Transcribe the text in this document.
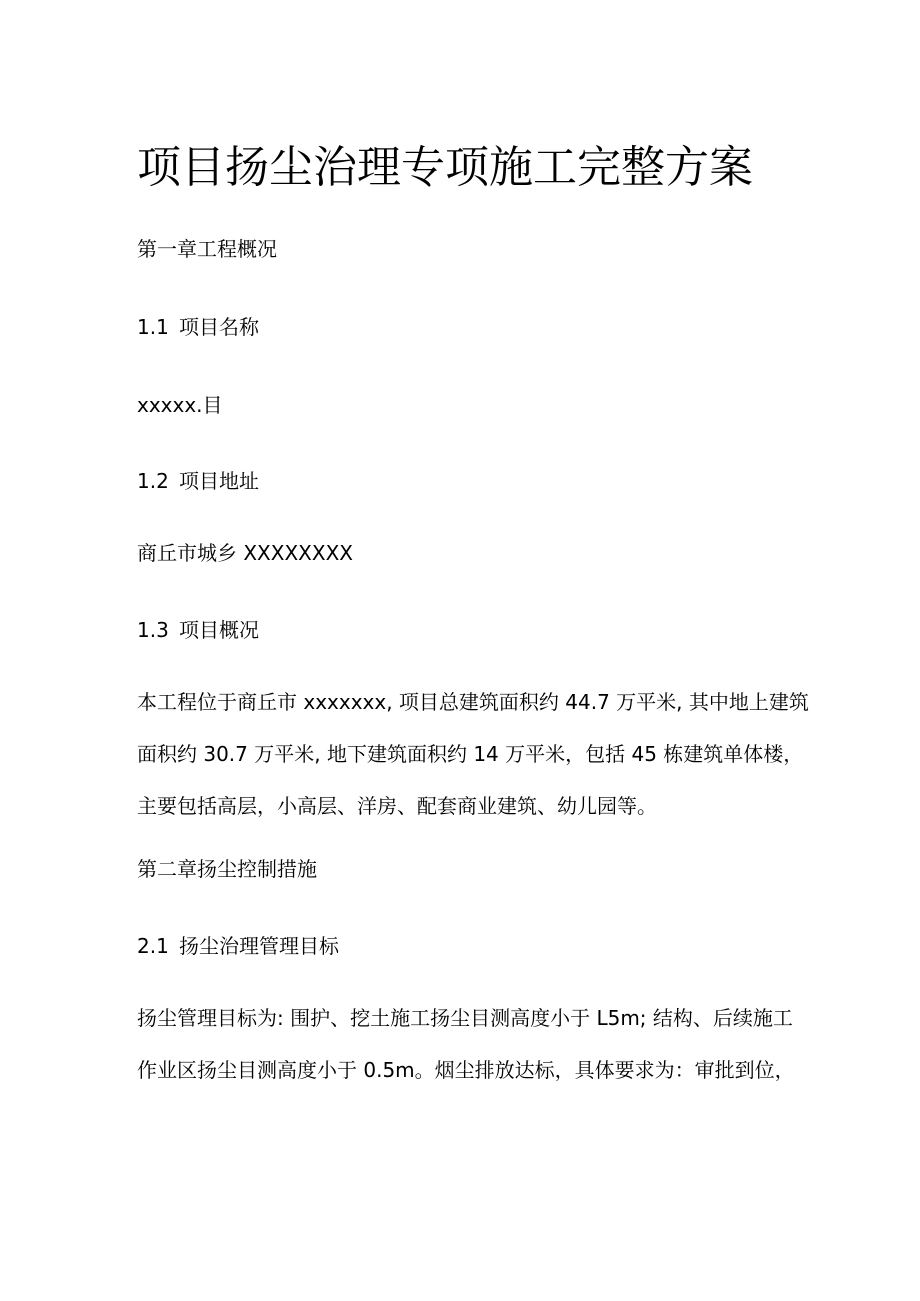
项目扬尘治理专项施工完整方案
第一章工程概况
1.1 项目名称
xxxxx.目
1.2 项目地址
商丘市城乡 XXXXXXXX
1.3 项目概况
本工程位于商丘市 xxxxxxx, 项目总建筑面积约 44.7 万平米, 其中地上建筑
面积约 30.7 万平米, 地下建筑面积约 14 万平米，包括 45 栋建筑单体楼，
主要包括高层，小高层、洋房、配套商业建筑、幼儿园等。
第二章扬尘控制措施
2.1 扬尘治理管理目标
扬尘管理目标为: 围护、挖土施工扬尘目测高度小于 L5m; 结构、后续施工
作业区扬尘目测高度小于 0.5m。烟尘排放达标，具体要求为：审批到位，
